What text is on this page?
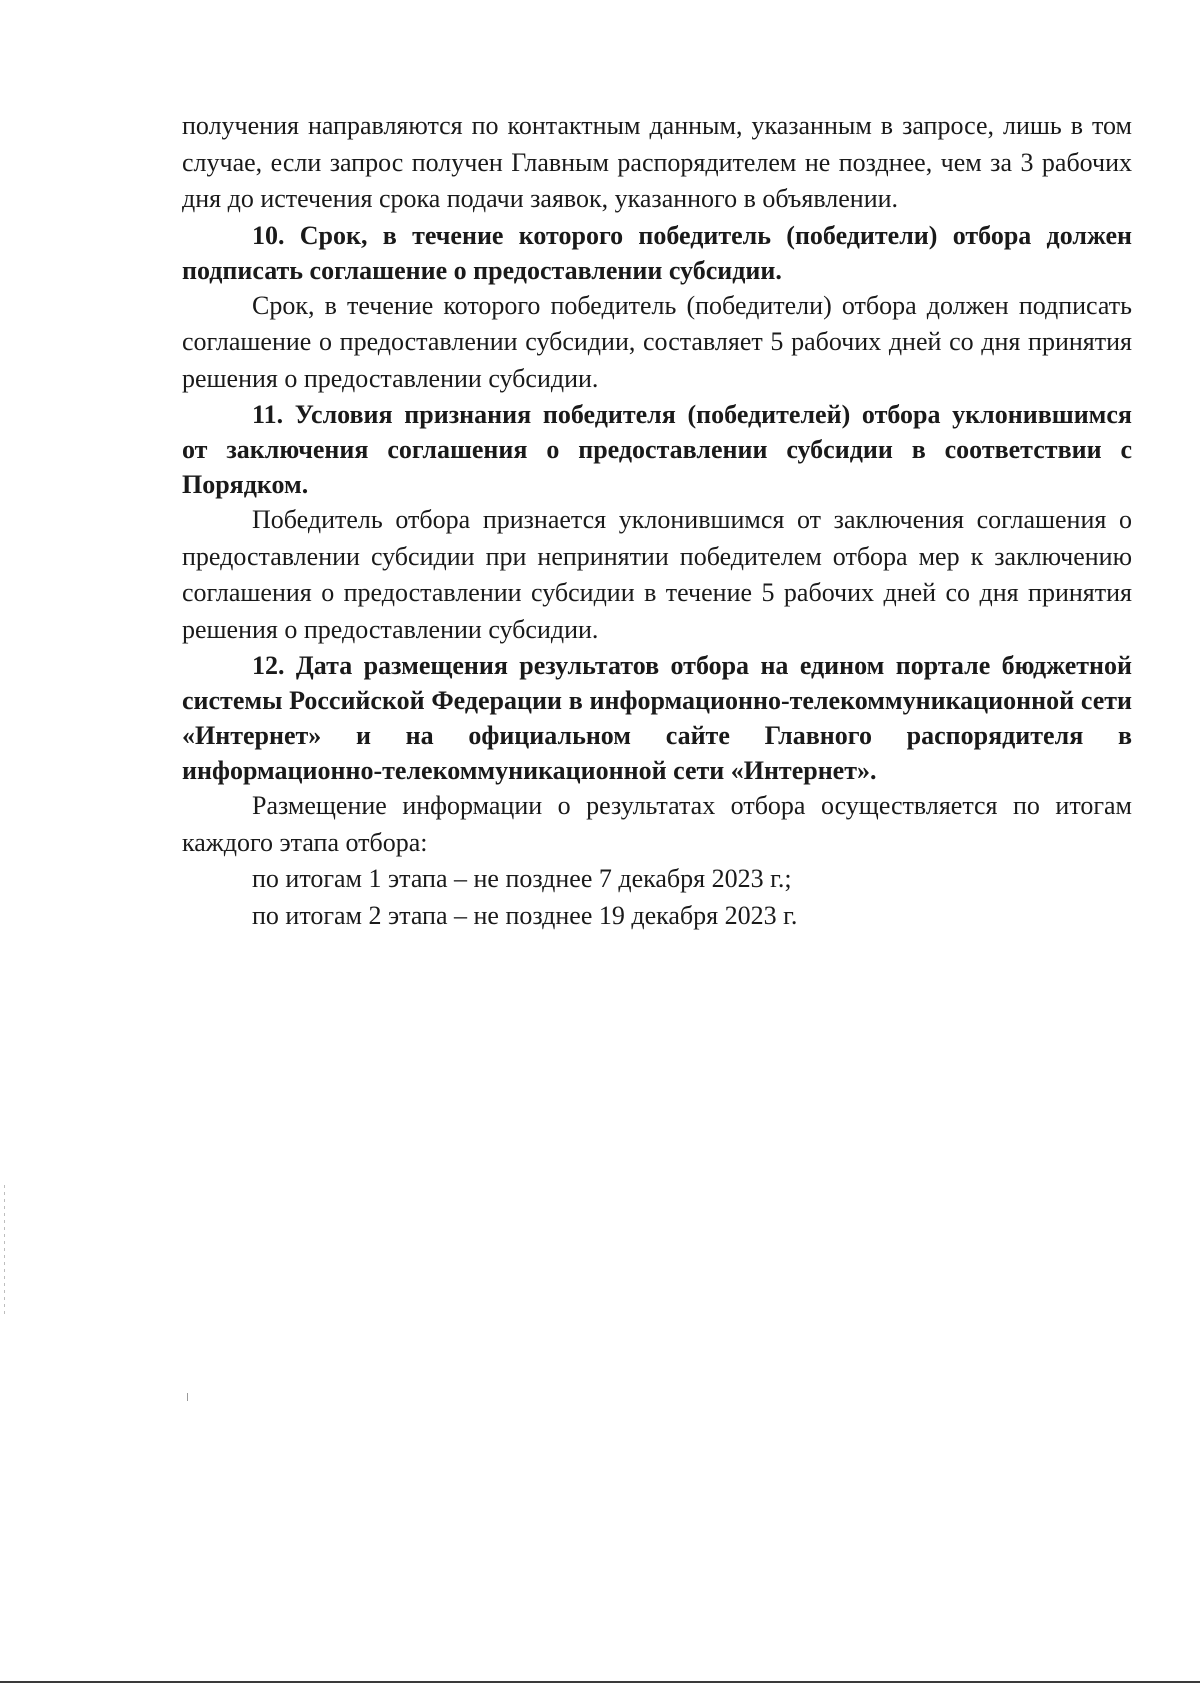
получения направляются по контактным данным, указанным в запросе, лишь в том случае, если запрос получен Главным распорядителем не позднее, чем за 3 рабочих дня до истечения срока подачи заявок, указанного в объявлении.

10. Срок, в течение которого победитель (победители) отбора должен подписать соглашение о предоставлении субсидии.

Срок, в течение которого победитель (победители) отбора должен подписать соглашение о предоставлении субсидии, составляет 5 рабочих дней со дня принятия решения о предоставлении субсидии.

11. Условия признания победителя (победителей) отбора уклонившимся от заключения соглашения о предоставлении субсидии в соответствии с Порядком.

Победитель отбора признается уклонившимся от заключения соглашения о предоставлении субсидии при непринятии победителем отбора мер к заключению соглашения о предоставлении субсидии в течение 5 рабочих дней со дня принятия решения о предоставлении субсидии.

12. Дата размещения результатов отбора на едином портале бюджетной системы Российской Федерации в информационно-телекоммуникационной сети «Интернет» и на официальном сайте Главного распорядителя в информационно-телекоммуникационной сети «Интернет».

Размещение информации о результатах отбора осуществляется по итогам каждого этапа отбора:

по итогам 1 этапа – не позднее 7 декабря 2023 г.;

по итогам 2 этапа – не позднее 19 декабря 2023 г.
